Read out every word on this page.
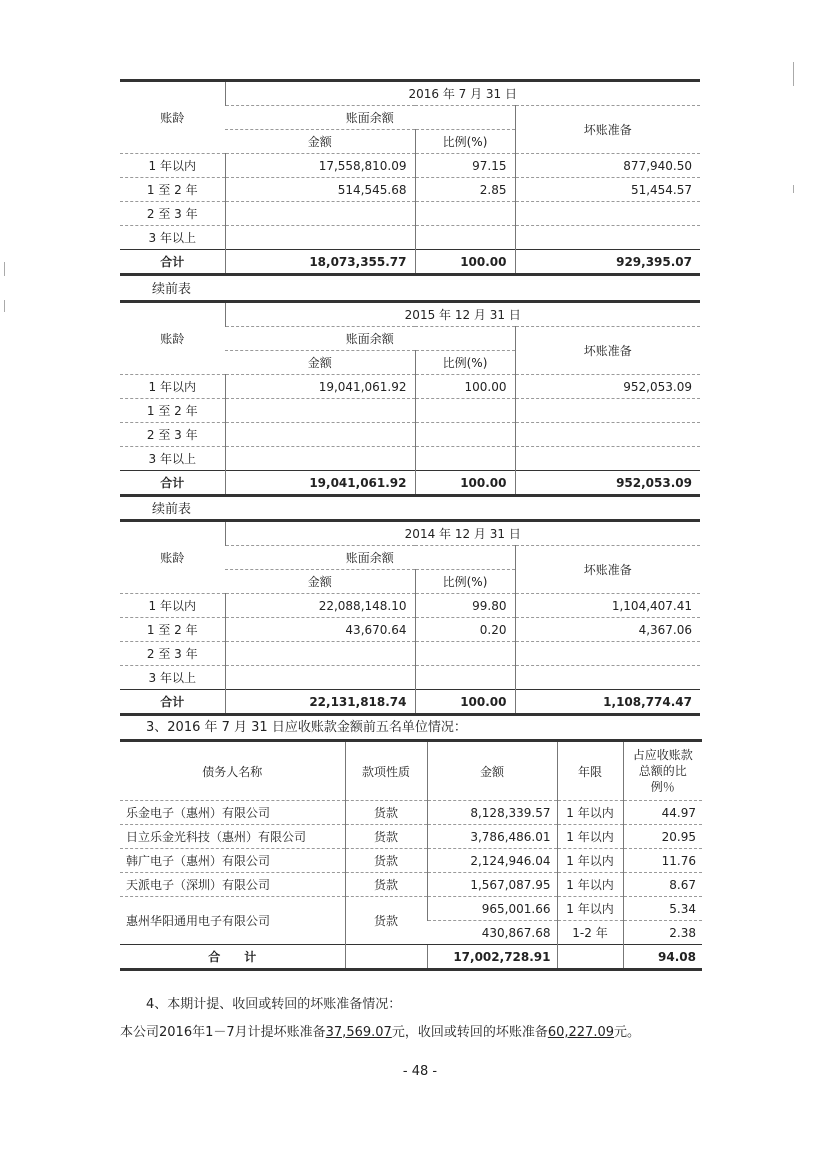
账龄	2016 年 7 月 31 日		
	账面余额		坏账准备
	金额	比例(%)	
1 年以内	17,558,810.09	97.15	877,940.50
1 至 2 年	514,545.68	2.85	51,454.57
2 至 3 年			
3 年以上			
合计	18,073,355.77	100.00	929,395.07
续前表
账龄	2015 年 12 月 31 日		
	账面余额		坏账准备
	金额	比例(%)	
1 年以内	19,041,061.92	100.00	952,053.09
1 至 2 年			
2 至 3 年			
3 年以上			
合计	19,041,061.92	100.00	952,053.09
续前表
账龄	2014 年 12 月 31 日		
	账面余额		坏账准备
	金额	比例(%)	
1 年以内	22,088,148.10	99.80	1,104,407.41
1 至 2 年	43,670.64	0.20	4,367.06
2 至 3 年			
3 年以上			
合计	22,131,818.74	100.00	1,108,774.47
3、2016 年 7 月 31 日应收账款金额前五名单位情况：
债务人名称	款项性质	金额	年限	占应收账款总额的比例％
乐金电子（惠州）有限公司	货款	8,128,339.57	1 年以内	44.97
日立乐金光科技（惠州）有限公司	货款	3,786,486.01	1 年以内	20.95
韩广电子（惠州）有限公司	货款	2,124,946.04	1 年以内	11.76
天派电子（深圳）有限公司	货款	1,567,087.95	1 年以内	8.67
惠州华阳通用电子有限公司	货款	965,001.66	1 年以内	5.34
		430,867.68	1-2 年	2.38
合　　计		17,002,728.91		94.08
4、本期计提、收回或转回的坏账准备情况：
本公司2016年1－7月计提坏账准备37,569.07元，收回或转回的坏账准备60,227.09元。
- 48 -
